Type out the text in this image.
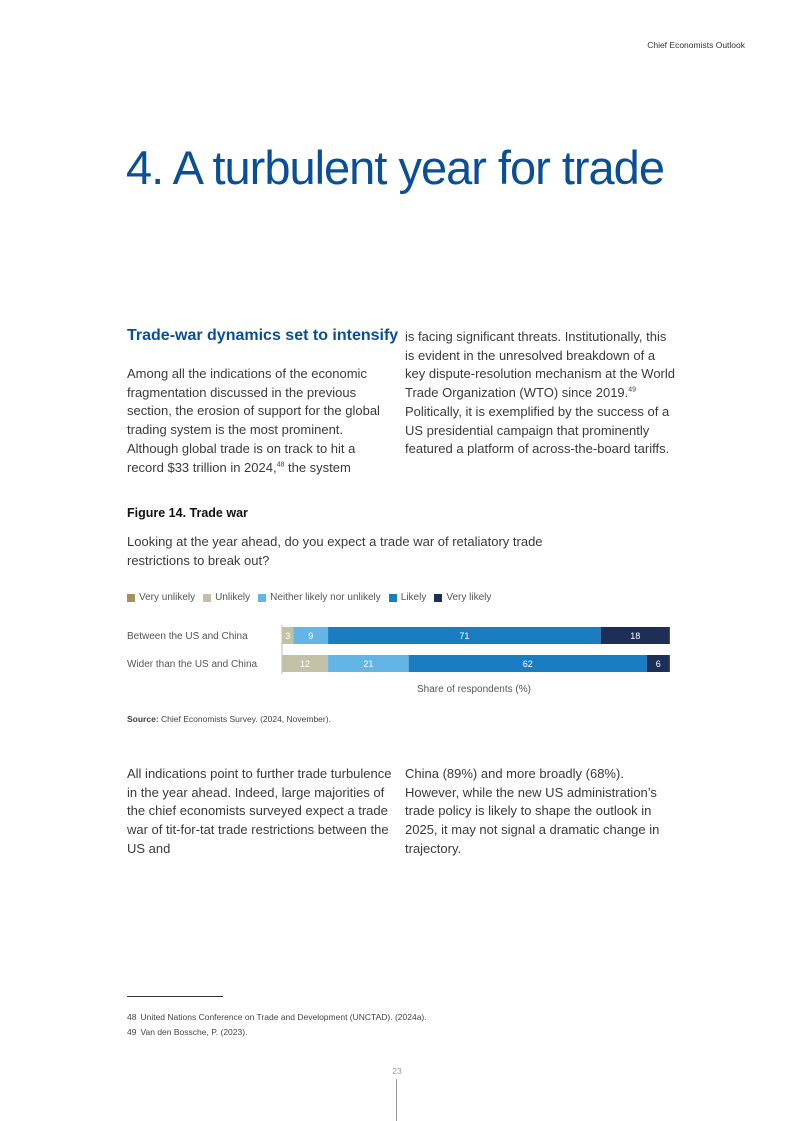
Chief Economists Outlook
4. A turbulent year for trade
Trade-war dynamics set to intensify

Among all the indications of the economic fragmentation discussed in the previous section, the erosion of support for the global trading system is the most prominent. Although global trade is on track to hit a record $33 trillion in 2024,48 the system

is facing significant threats. Institutionally, this is evident in the unresolved breakdown of a key dispute-resolution mechanism at the World Trade Organization (WTO) since 2019.49 Politically, it is exemplified by the success of a US presidential campaign that prominently featured a platform of across-the-board tariffs.

Figure 14. Trade war

Looking at the year ahead, do you expect a trade war of retaliatory trade restrictions to break out?

Very unlikely Unlikely Neither likely nor unlikely Likely Very likely
Between the US and China	3 9	71	18
Wider than the US and China	12	21	62	6
Share of respondents (%)
Source: Chief Economists Survey. (2024, November).

All indications point to further trade turbulence in the year ahead. Indeed, large majorities of the chief economists surveyed expect a trade war of tit-for-tat trade restrictions between the US and

China (89%) and more broadly (68%). However, while the new US administration’s trade policy is likely to shape the outlook in 2025, it may not signal a dramatic change in trajectory.

48 United Nations Conference on Trade and Development (UNCTAD). (2024a).
49 Van den Bossche, P. (2023).
23
